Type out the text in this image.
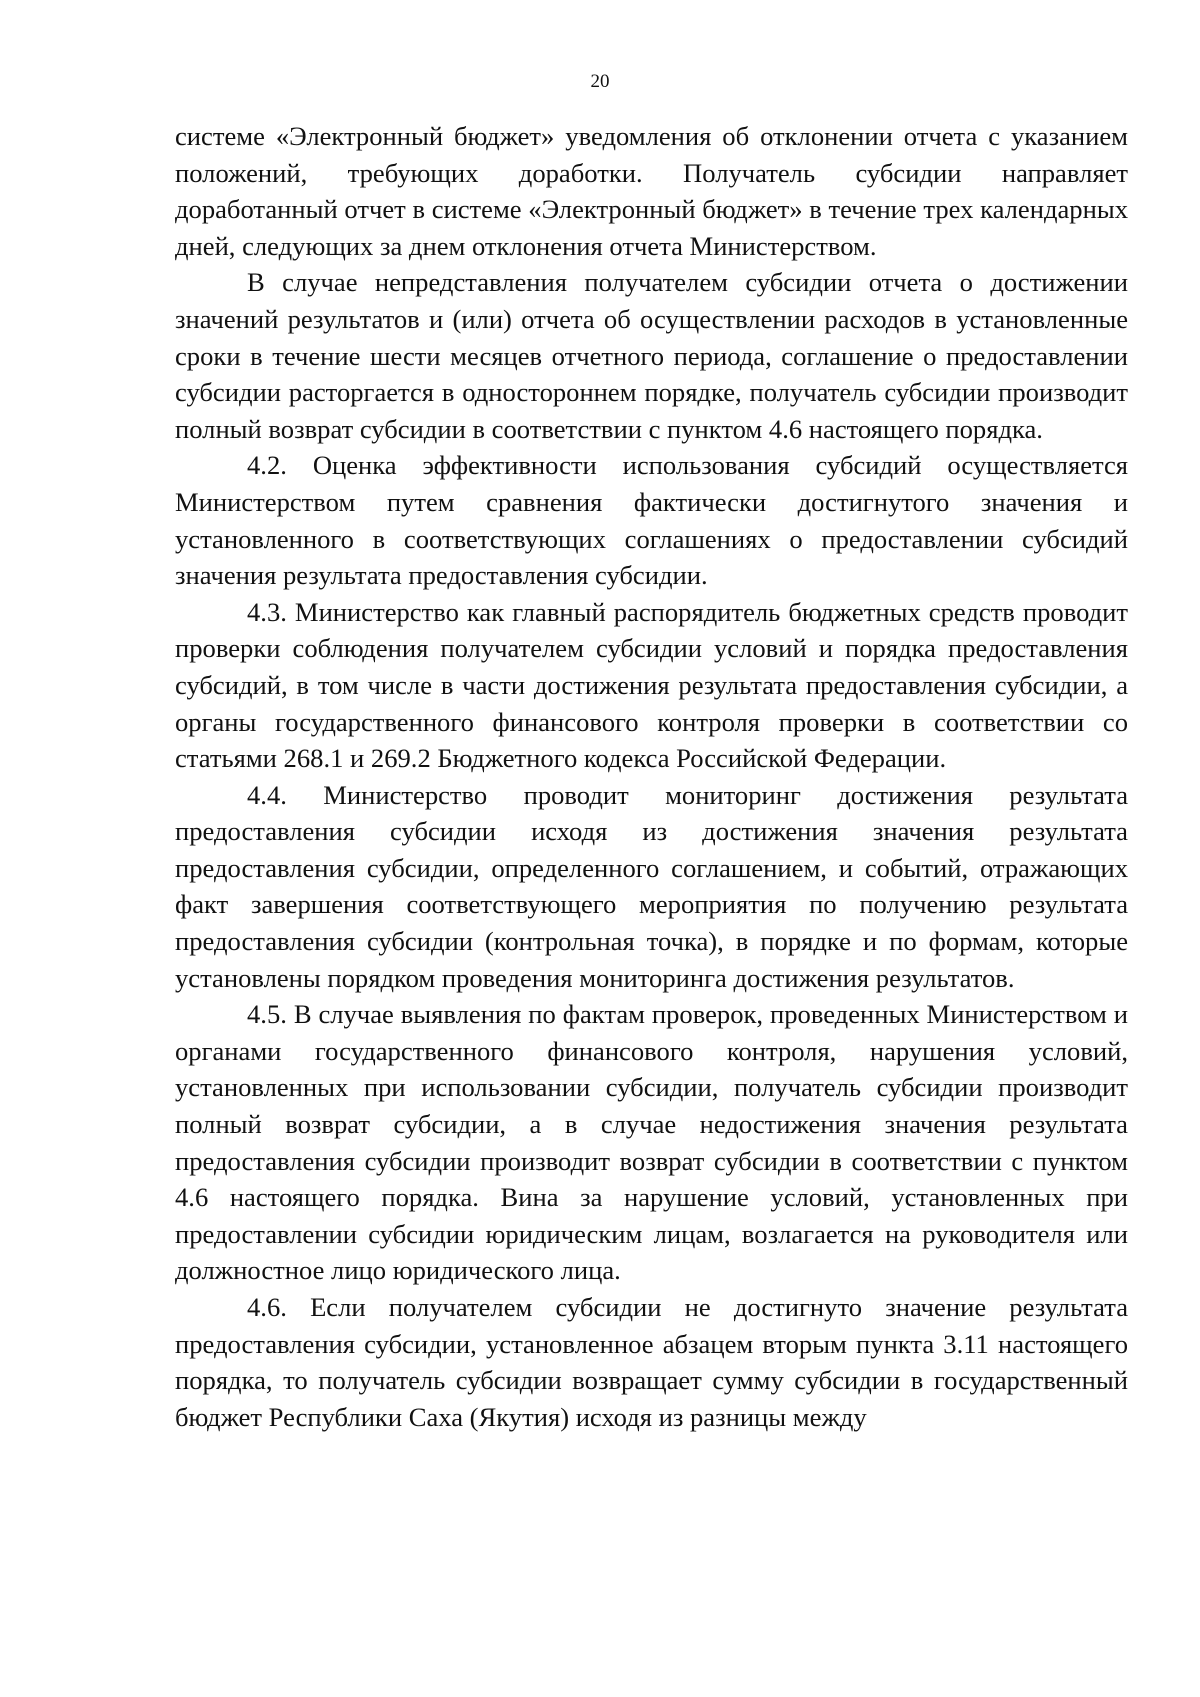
20

системе «Электронный бюджет» уведомления об отклонении отчета с указанием положений, требующих доработки. Получатель субсидии направляет доработанный отчет в системе «Электронный бюджет» в течение трех календарных дней, следующих за днем отклонения отчета Министерством.

В случае непредставления получателем субсидии отчета о достижении значений результатов и (или) отчета об осуществлении расходов в установленные сроки в течение шести месяцев отчетного периода, соглашение о предоставлении субсидии расторгается в одностороннем порядке, получатель субсидии производит полный возврат субсидии в соответствии с пунктом 4.6 настоящего порядка.

4.2. Оценка эффективности использования субсидий осуществляется Министерством путем сравнения фактически достигнутого значения и установленного в соответствующих соглашениях о предоставлении субсидий значения результата предоставления субсидии.

4.3. Министерство как главный распорядитель бюджетных средств проводит проверки соблюдения получателем субсидии условий и порядка предоставления субсидий, в том числе в части достижения результата предоставления субсидии, а органы государственного финансового контроля проверки в соответствии со статьями 268.1 и 269.2 Бюджетного кодекса Российской Федерации.

4.4. Министерство проводит мониторинг достижения результата предоставления субсидии исходя из достижения значения результата предоставления субсидии, определенного соглашением, и событий, отражающих факт завершения соответствующего мероприятия по получению результата предоставления субсидии (контрольная точка), в порядке и по формам, которые установлены порядком проведения мониторинга достижения результатов.

4.5. В случае выявления по фактам проверок, проведенных Министерством и органами государственного финансового контроля, нарушения условий, установленных при использовании субсидии, получатель субсидии производит полный возврат субсидии, а в случае недостижения значения результата предоставления субсидии производит возврат субсидии в соответствии с пунктом 4.6 настоящего порядка. Вина за нарушение условий, установленных при предоставлении субсидии юридическим лицам, возлагается на руководителя или должностное лицо юридического лица.

4.6. Если получателем субсидии не достигнуто значение результата предоставления субсидии, установленное абзацем вторым пункта 3.11 настоящего порядка, то получатель субсидии возвращает сумму субсидии в государственный бюджет Республики Саха (Якутия) исходя из разницы между
